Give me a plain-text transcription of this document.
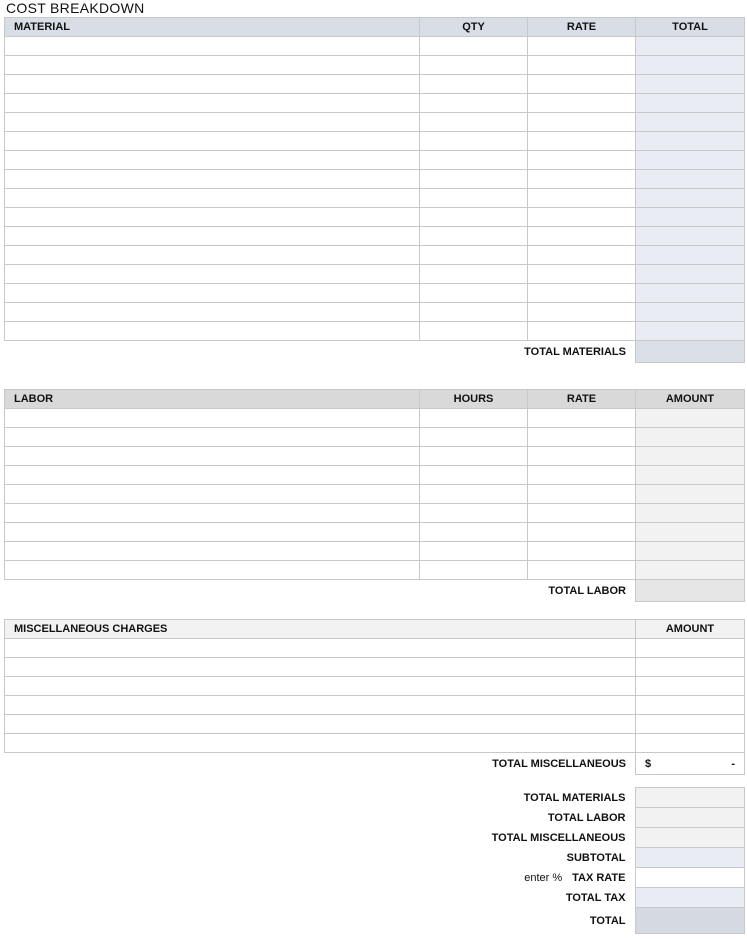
COST BREAKDOWN
MATERIAL	QTY	RATE	TOTAL

TOTAL MATERIALS			
LABOR	HOURS	RATE	AMOUNT

TOTAL LABOR			
MISCELLANEOUS CHARGES	AMOUNT

TOTAL MISCELLANEOUS	$ -
TOTAL MATERIALS	
TOTAL LABOR	
TOTAL MISCELLANEOUS	
SUBTOTAL	
enter % TAX RATE	
TOTAL TAX	
TOTAL	
